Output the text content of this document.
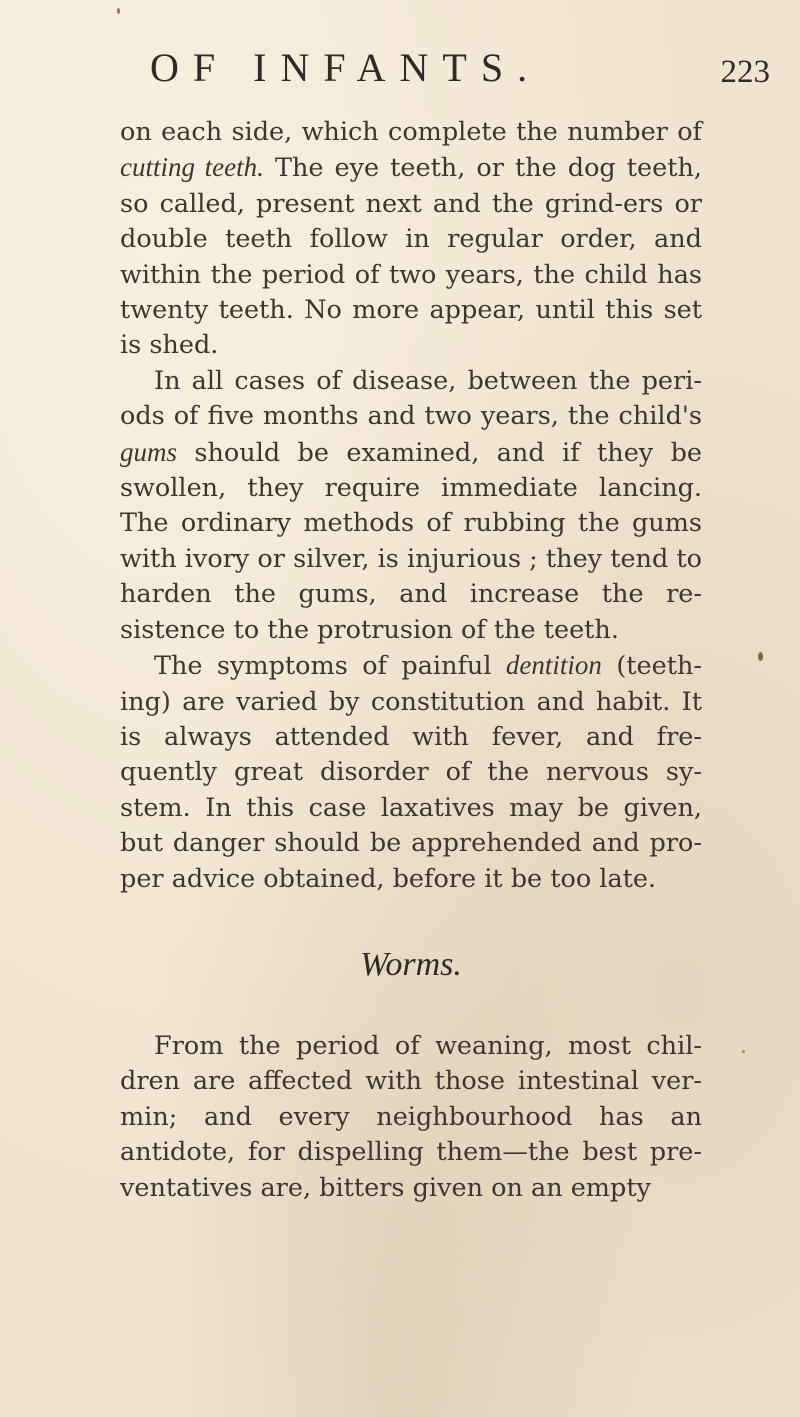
OF INFANTS.	223

on each side, which complete the number of cutting teeth. The eye teeth, or the dog teeth, so called, present next and the grind-ers or double teeth follow in regular order, and within the period of two years, the child has twenty teeth. No more appear, until this set is shed.

In all cases of disease, between the peri-ods of five months and two years, the child's gums should be examined, and if they be swollen, they require immediate lancing. The ordinary methods of rubbing the gums with ivory or silver, is injurious ; they tend to harden the gums, and increase the re-sistence to the protrusion of the teeth.

The symptoms of painful dentition (teeth-ing) are varied by constitution and habit. It is always attended with fever, and fre-quently great disorder of the nervous sy-stem. In this case laxatives may be given, but danger should be apprehended and pro-per advice obtained, before it be too late.

Worms.

From the period of weaning, most chil-dren are affected with those intestinal ver-min; and every neighbourhood has an antidote, for dispelling them—the best pre-ventatives are, bitters given on an empty
